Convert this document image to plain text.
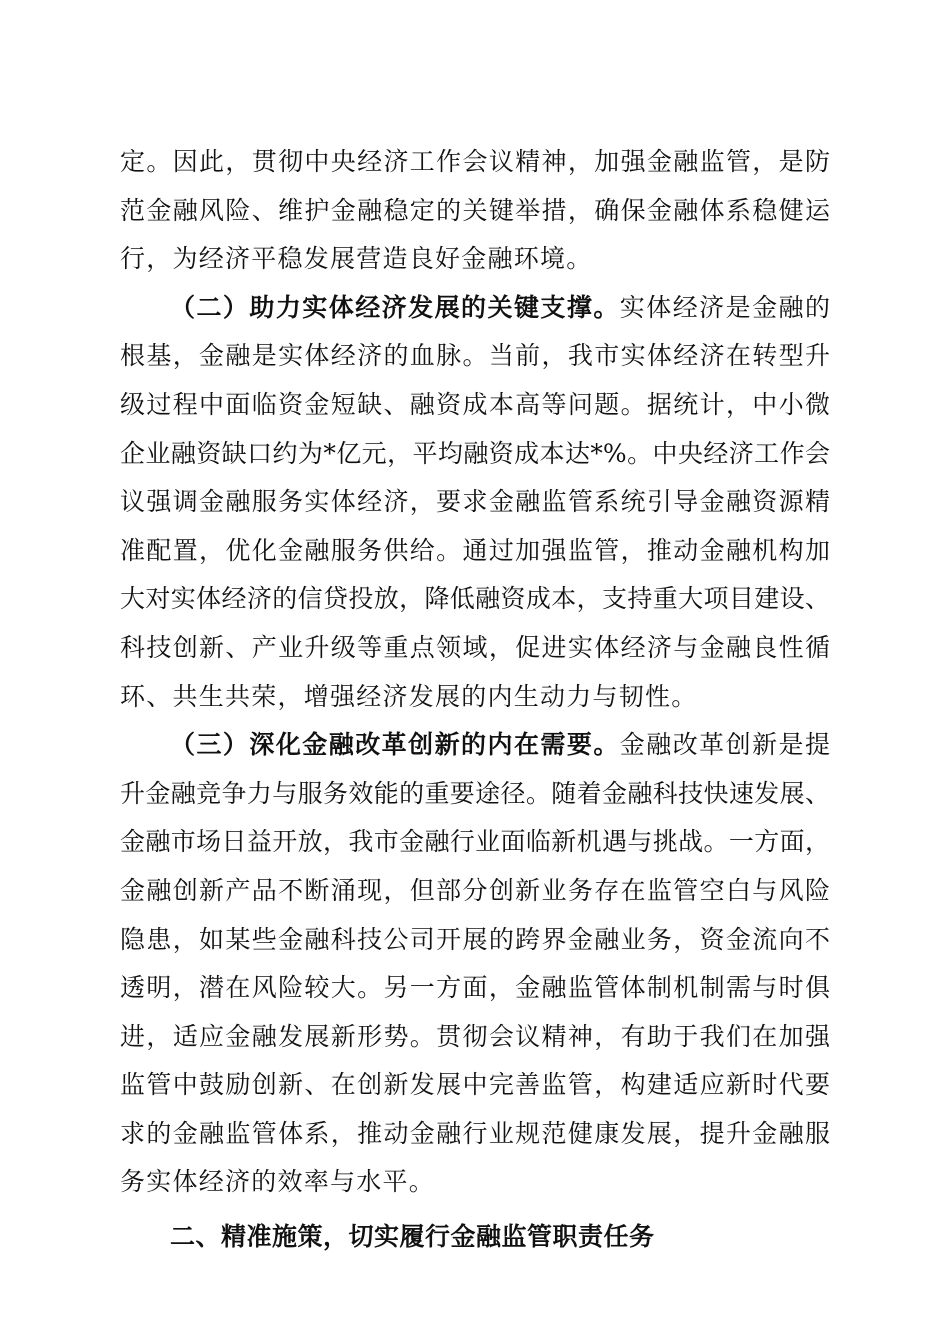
定。因此，贯彻中央经济工作会议精神，加强金融监管，是防
范金融风险、维护金融稳定的关键举措，确保金融体系稳健运
行，为经济平稳发展营造良好金融环境。
（二）助力实体经济发展的关键支撑。实体经济是金融的
根基，金融是实体经济的血脉。当前，我市实体经济在转型升
级过程中面临资金短缺、融资成本高等问题。据统计，中小微
企业融资缺口约为*亿元，平均融资成本达*%。中央经济工作会
议强调金融服务实体经济，要求金融监管系统引导金融资源精
准配置，优化金融服务供给。通过加强监管，推动金融机构加
大对实体经济的信贷投放，降低融资成本，支持重大项目建设、
科技创新、产业升级等重点领域，促进实体经济与金融良性循
环、共生共荣，增强经济发展的内生动力与韧性。
（三）深化金融改革创新的内在需要。金融改革创新是提
升金融竞争力与服务效能的重要途径。随着金融科技快速发展、
金融市场日益开放，我市金融行业面临新机遇与挑战。一方面，
金融创新产品不断涌现，但部分创新业务存在监管空白与风险
隐患，如某些金融科技公司开展的跨界金融业务，资金流向不
透明，潜在风险较大。另一方面，金融监管体制机制需与时俱
进，适应金融发展新形势。贯彻会议精神，有助于我们在加强
监管中鼓励创新、在创新发展中完善监管，构建适应新时代要
求的金融监管体系，推动金融行业规范健康发展，提升金融服
务实体经济的效率与水平。
二、精准施策，切实履行金融监管职责任务
